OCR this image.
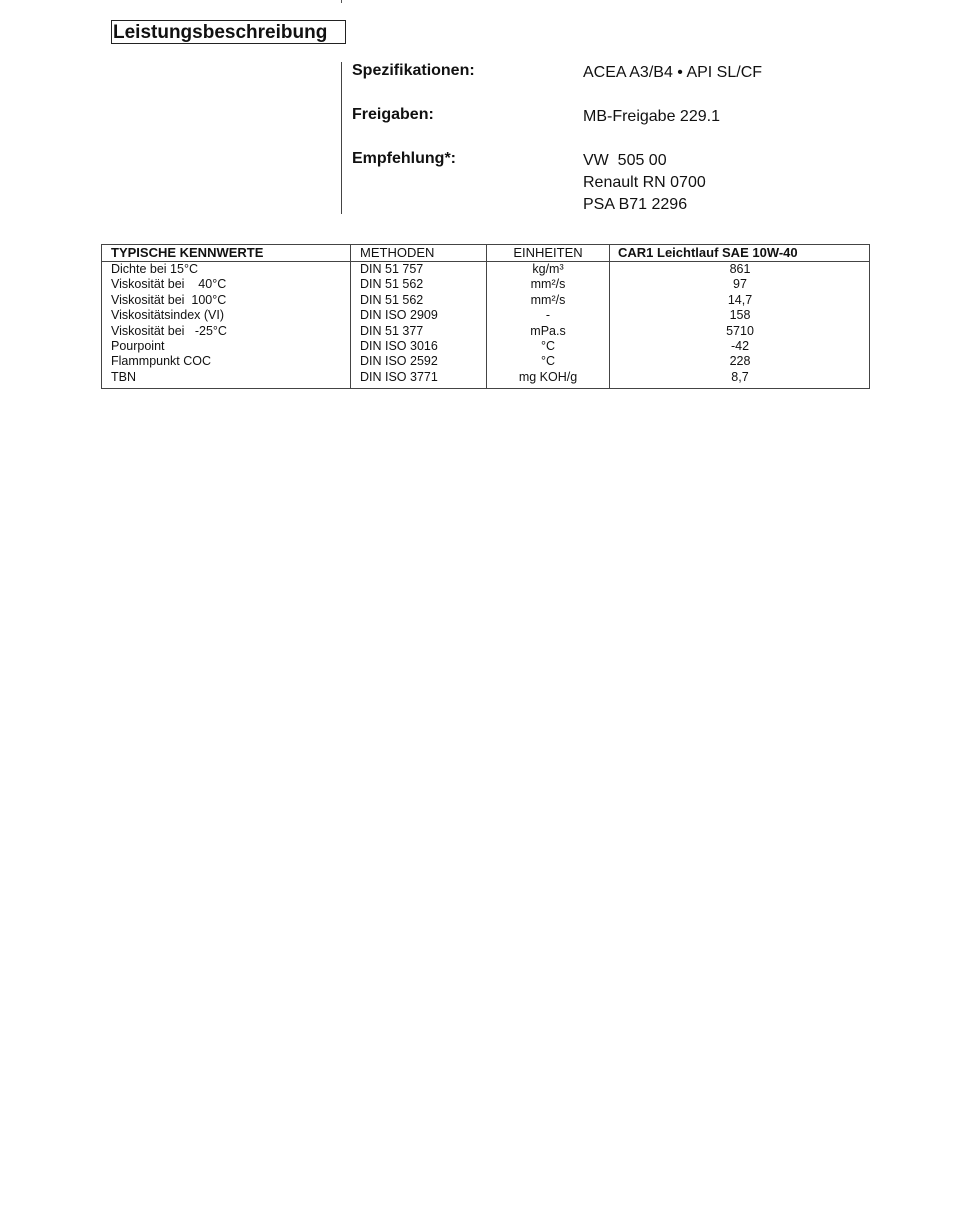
Leistungsbeschreibung
Spezifikationen:	ACEA A3/B4 • API SL/CF
Freigaben:	MB-Freigabe 229.1
Empfehlung*:	VW  505 00
Renault RN 0700
PSA B71 2296
TYPISCHE KENNWERTE	METHODEN	EINHEITEN	CAR1 Leichtlauf SAE 10W-40
Dichte bei 15°C	DIN 51 757	kg/m³	861
Viskosität bei    40°C	DIN 51 562	mm²/s	97
Viskosität bei  100°C	DIN 51 562	mm²/s	14,7
Viskositätsindex (VI)	DIN ISO 2909	-	158
Viskosität bei   -25°C	DIN 51 377	mPa.s	5710
Pourpoint	DIN ISO 3016	°C	-42
Flammpunkt COC	DIN ISO 2592	°C	228
TBN	DIN ISO 3771	mg KOH/g	8,7
